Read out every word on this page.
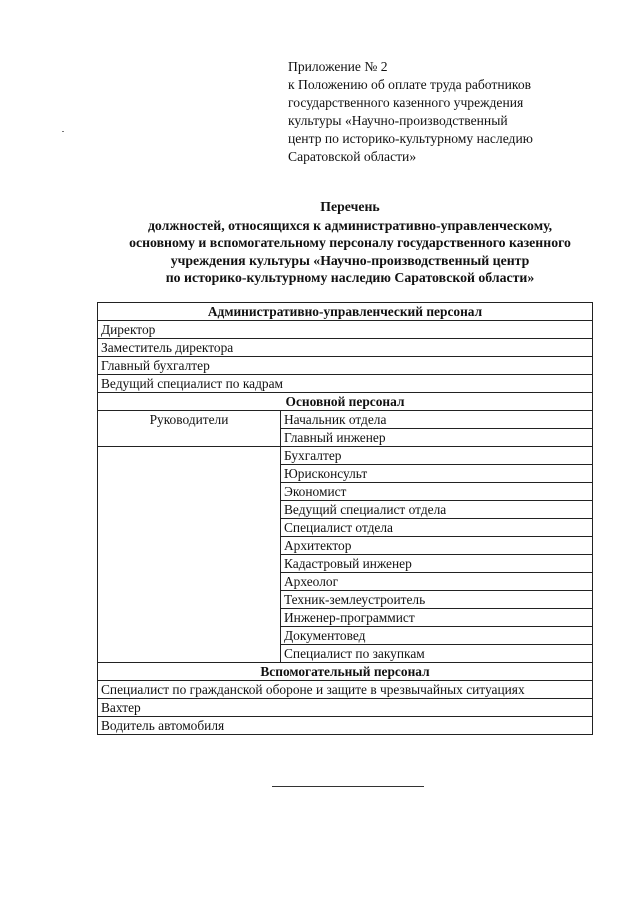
Приложение № 2
к Положению об оплате труда работников
государственного казенного учреждения
культуры «Научно-производственный
центр по историко-культурному наследию
Саратовской области»
Перечень
должностей, относящихся к административно-управленческому,
основному и вспомогательному персоналу государственного казенного
учреждения культуры «Научно-производственный центр
по историко-культурному наследию Саратовской области»
Административно-управленческий персонал	
Директор	
Заместитель директора	
Главный бухгалтер	
Ведущий специалист по кадрам	
Основной персонал	
Руководители	Начальник отдела
	Главный инженер
	Бухгалтер
	Юрисконсульт
	Экономист
	Ведущий специалист отдела
	Специалист отдела
	Архитектор
	Кадастровый инженер
	Археолог
	Техник-землеустроитель
	Инженер-программист
	Документовед
	Специалист по закупкам
Вспомогательный персонал	
Специалист по гражданской обороне и защите в чрезвычайных ситуациях	
Вахтер	
Водитель автомобиля	
